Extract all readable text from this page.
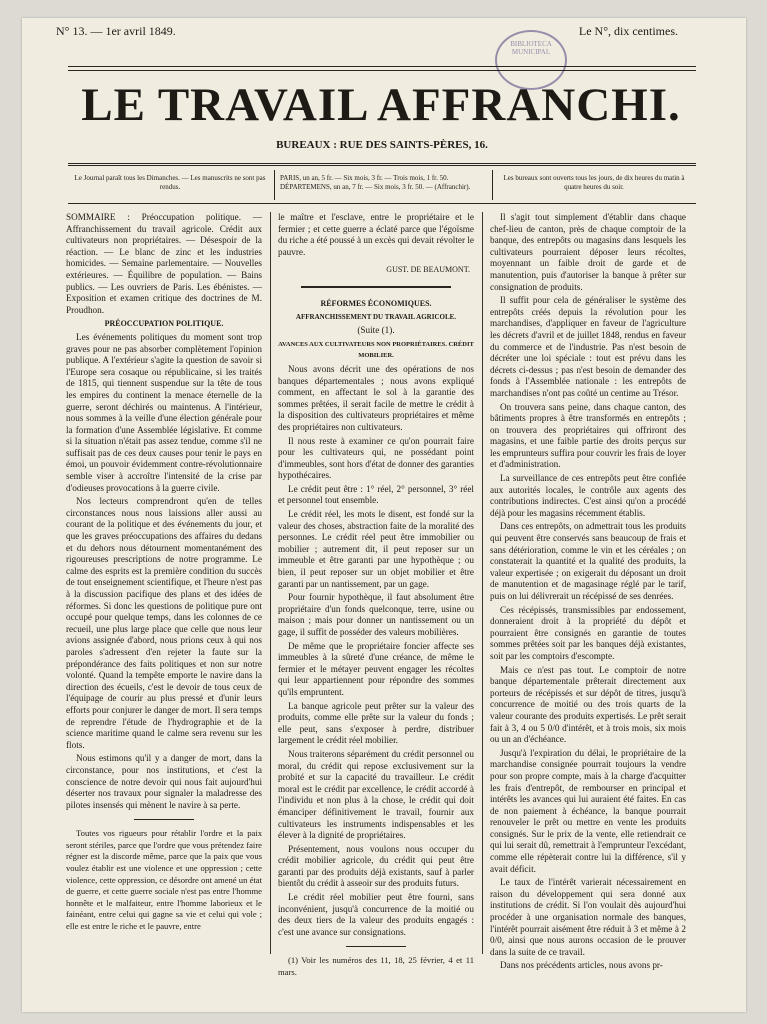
N° 13. — 1er avril 1849.	Le N°, dix centimes.
BIBLIOTECA MUNICIPAL
LE TRAVAIL AFFRANCHI.
BUREAUX : RUE DES SAINTS-PÈRES, 16.
Le Journal paraît tous les Dimanches. — Les manuscrits ne sont pas rendus.
PARIS, un an, 5 fr. — Six mois, 3 fr. — Trois mois, 1 fr. 50.
DÉPARTEMENS, un an, 7 fr. — Six mois, 3 fr. 50. — (Affranchir).
Les bureaux sont ouverts tous les jours, de dix heures du matin à quatre heures du soir.

SOMMAIRE : Préoccupation politique. — Affranchissement du travail agricole. Crédit aux cultivateurs non propriétaires. — Désespoir de la réaction. — Le blanc de zinc et les industries homicides. — Semaine parlementaire. — Nouvelles extérieures. — Équilibre de population. — Bains publics. — Les ouvriers de Paris. Les ébénistes. — Exposition et examen critique des doctrines de M. Proudhon.

PRÉOCCUPATION POLITIQUE.

Les événements politiques du moment sont trop graves pour ne pas absorber complètement l'opinion publique. A l'extérieur s'agite la question de savoir si l'Europe sera cosaque ou républicaine, si les traités de 1815, qui tiennent suspendue sur la tête de tous les empires du continent la menace éternelle de la guerre, seront déchirés ou maintenus. A l'intérieur, nous sommes à la veille d'une élection générale pour la formation d'une Assemblée législative. Et comme si la situation n'était pas assez tendue, comme s'il ne suffisait pas de ces deux causes pour tenir le pays en émoi, un pouvoir évidemment contre-révolutionnaire semble viser à accroître l'intensité de la crise par d'odieuses provocations à la guerre civile.

Nos lecteurs comprendront qu'en de telles circonstances nous nous laissions aller aussi au courant de la politique et des événements du jour, et que les graves préoccupations des affaires du dedans et du dehors nous détournent momentanément des rigoureuses prescriptions de notre programme. Le calme des esprits est la première condition du succès de tout enseignement scientifique, et l'heure n'est pas à la discussion pacifique des plans et des idées de réformes. Si donc les questions de politique pure ont occupé pour quelque temps, dans les colonnes de ce recueil, une plus large place que celle que nous leur avions assignée d'abord, nous prions ceux à qui nos paroles s'adressent d'en rejeter la faute sur la prépondérance des faits politiques et non sur notre volonté. Quand la tempête emporte le navire dans la direction des écueils, c'est le devoir de tous ceux de l'équipage de courir au plus pressé et d'unir leurs efforts pour conjurer le danger de mort. Il sera temps de reprendre l'étude de l'hydrographie et de la science maritime quand le calme sera revenu sur les flots.

Nous estimons qu'il y a danger de mort, dans la circonstance, pour nos institutions, et c'est la conscience de notre devoir qui nous fait aujourd'hui déserter nos travaux pour signaler la maladresse des pilotes insensés qui mènent le navire à sa perte.

Toutes vos rigueurs pour rétablir l'ordre et la paix seront stériles, parce que l'ordre que vous prétendez faire régner est la discorde même, parce que la paix que vous voulez établir est une violence et une oppression ; cette violence, cette oppression, ce désordre ont amené un état de guerre, et cette guerre sociale n'est pas entre l'homme honnête et le malfaiteur, entre l'homme laborieux et le fainéant, entre celui qui gagne sa vie et celui qui vole ; elle est entre le riche et le pauvre, entre

le maître et l'esclave, entre le propriétaire et le fermier ; et cette guerre a éclaté parce que l'égoïsme du riche a été poussé à un excès qui devait révolter le pauvre.

GUST. DE BEAUMONT.

RÉFORMES ÉCONOMIQUES.

AFFRANCHISSEMENT DU TRAVAIL AGRICOLE.

(Suite (1).

AVANCES AUX CULTIVATEURS NON PROPRIÉTAIRES. CRÉDIT MOBILIER.

Nous avons décrit une des opérations de nos banques départementales ; nous avons expliqué comment, en affectant le sol à la garantie des sommes prêtées, il serait facile de mettre le crédit à la disposition des cultivateurs propriétaires et même des propriétaires non cultivateurs.

Il nous reste à examiner ce qu'on pourrait faire pour les cultivateurs qui, ne possédant point d'immeubles, sont hors d'état de donner des garanties hypothécaires.

Le crédit peut être : 1° réel, 2° personnel, 3° réel et personnel tout ensemble.

Le crédit réel, les mots le disent, est fondé sur la valeur des choses, abstraction faite de la moralité des personnes. Le crédit réel peut être immobilier ou mobilier ; autrement dit, il peut reposer sur un immeuble et être garanti par une hypothèque ; ou bien, il peut reposer sur un objet mobilier et être garanti par un nantissement, par un gage.

Pour fournir hypothèque, il faut absolument être propriétaire d'un fonds quelconque, terre, usine ou maison ; mais pour donner un nantissement ou un gage, il suffit de posséder des valeurs mobilières.

De même que le propriétaire foncier affecte ses immeubles à la sûreté d'une créance, de même le fermier et le métayer peuvent engager les récoltes qui leur appartiennent pour répondre des sommes qu'ils empruntent.

La banque agricole peut prêter sur la valeur des produits, comme elle prête sur la valeur du fonds ; elle peut, sans s'exposer à perdre, distribuer largement le crédit réel mobilier.

Nous traiterons séparément du crédit personnel ou moral, du crédit qui repose exclusivement sur la probité et sur la capacité du travailleur. Le crédit moral est le crédit par excellence, le crédit accordé à l'individu et non plus à la chose, le crédit qui doit émanciper définitivement le travail, fournir aux cultivateurs les instruments indispensables et les élever à la dignité de propriétaires.

Présentement, nous voulons nous occuper du crédit mobilier agricole, du crédit qui peut être garanti par des produits déjà existants, sauf à parler bientôt du crédit à asseoir sur des produits futurs.

Le crédit réel mobilier peut être fourni, sans inconvénient, jusqu'à concurrence de la moitié ou des deux tiers de la valeur des produits engagés : c'est une avance sur consignations.

(1) Voir les numéros des 11, 18, 25 février, 4 et 11 mars.

Il s'agit tout simplement d'établir dans chaque chef-lieu de canton, près de chaque comptoir de la banque, des entrepôts ou magasins dans lesquels les cultivateurs pourraient déposer leurs récoltes, moyennant un faible droit de garde et de manutention, puis d'autoriser la banque à prêter sur consignation de produits.

Il suffit pour cela de généraliser le système des entrepôts créés depuis la révolution pour les marchandises, d'appliquer en faveur de l'agriculture les décrets d'avril et de juillet 1848, rendus en faveur du commerce et de l'industrie. Pas n'est besoin de décréter une loi spéciale : tout est prévu dans les décrets ci-dessus ; pas n'est besoin de demander des fonds à l'Assemblée nationale : les entrepôts de marchandises n'ont pas coûté un centime au Trésor.

On trouvera sans peine, dans chaque canton, des bâtiments propres à être transformés en entrepôts ; on trouvera des propriétaires qui offriront des magasins, et une faible partie des droits perçus sur les emprunteurs suffira pour couvrir les frais de loyer et d'administration.

La surveillance de ces entrepôts peut être confiée aux autorités locales, le contrôle aux agents des contributions indirectes. C'est ainsi qu'on a procédé déjà pour les magasins récemment établis.

Dans ces entrepôts, on admettrait tous les produits qui peuvent être conservés sans beaucoup de frais et sans détérioration, comme le vin et les céréales ; on constaterait la quantité et la qualité des produits, la valeur expertisée ; on exigerait du déposant un droit de manutention et de magasinage réglé par le tarif, puis on lui délivrerait un récépissé de ses denrées.

Ces récépissés, transmissibles par endossement, donneraient droit à la propriété du dépôt et pourraient être consignés en garantie de toutes sommes prêtées soit par les banques déjà existantes, soit par les comptoirs d'escompte.

Mais ce n'est pas tout. Le comptoir de notre banque départementale prêterait directement aux porteurs de récépissés et sur dépôt de titres, jusqu'à concurrence de moitié ou des trois quarts de la valeur courante des produits expertisés. Le prêt serait fait à 3, 4 ou 5 0/0 d'intérêt, et à trois mois, six mois ou un an d'échéance.

Jusqu'à l'expiration du délai, le propriétaire de la marchandise consignée pourrait toujours la vendre pour son propre compte, mais à la charge d'acquitter les frais d'entrepôt, de rembourser en principal et intérêts les avances qui lui auraient été faites. En cas de non paiement à échéance, la banque pourrait renouveler le prêt ou mettre en vente les produits consignés. Sur le prix de la vente, elle retiendrait ce qui lui serait dû, remettrait à l'emprunteur l'excédant, comme elle répèterait contre lui la différence, s'il y avait déficit.

Le taux de l'intérêt varierait nécessairement en raison du développement qui sera donné aux institutions de crédit. Si l'on voulait dès aujourd'hui procéder à une organisation normale des banques, l'intérêt pourrait aisément être réduit à 3 et même à 2 0/0, ainsi que nous aurons occasion de le prouver dans la suite de ce travail.

Dans nos précédents articles, nous avons pr-
